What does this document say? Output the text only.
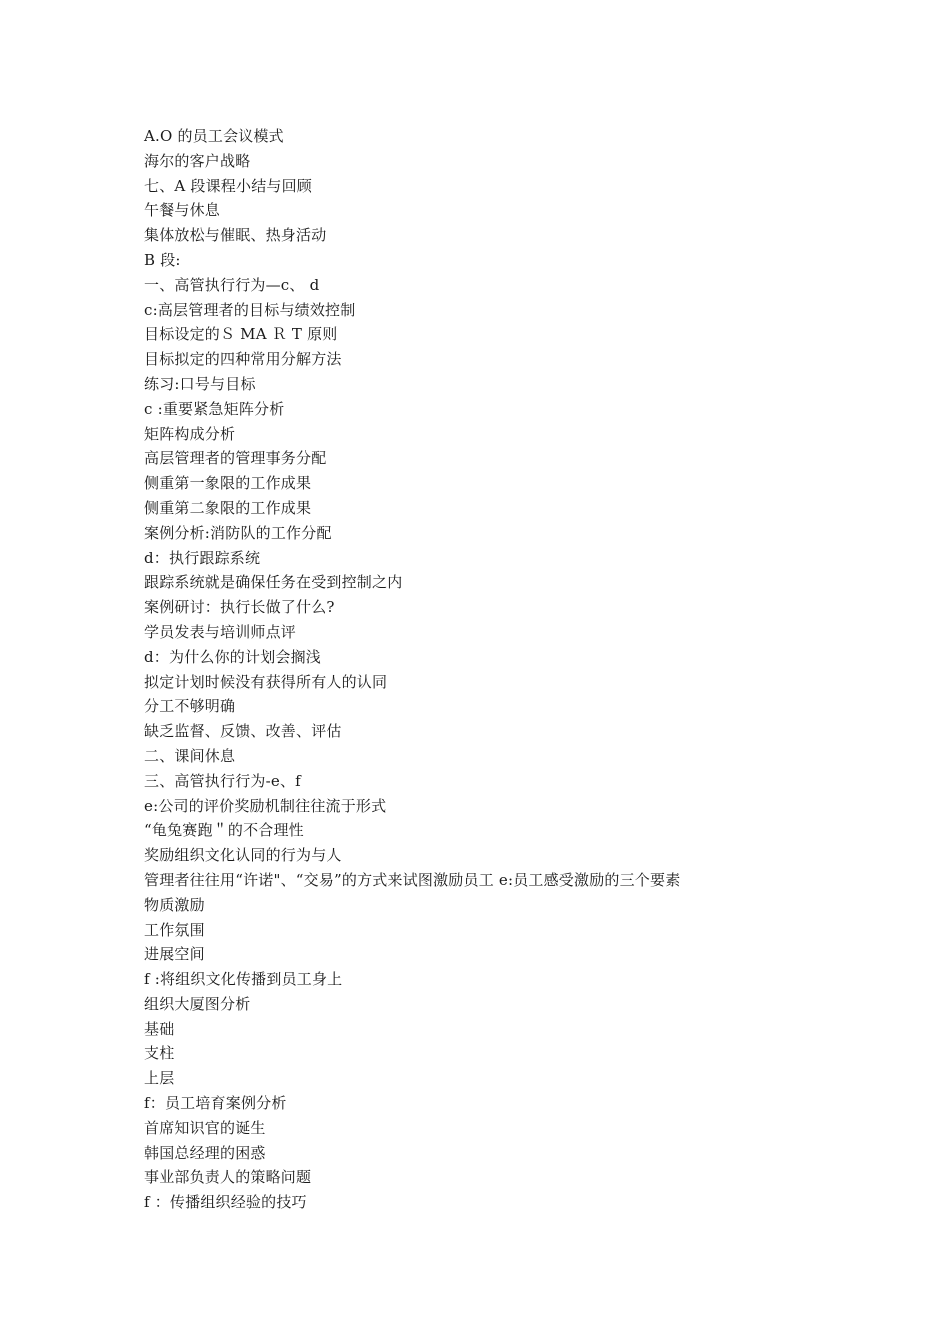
A.O 的员工会议模式
海尔的客户战略
七、A 段课程小结与回顾
午餐与休息
集体放松与催眠、热身活动
B 段:
一、高管执行行为—c、 d
c:高层管理者的目标与绩效控制
目标设定的Ｓ MA Ｒ T 原则
目标拟定的四种常用分解方法
练习:口号与目标
c :重要紧急矩阵分析
矩阵构成分析
高层管理者的管理事务分配
侧重第一象限的工作成果
侧重第二象限的工作成果
案例分析:消防队的工作分配
d：执行跟踪系统
跟踪系统就是确保任务在受到控制之内
案例研讨：执行长做了什么?
学员发表与培训师点评
d：为什么你的计划会搁浅
拟定计划时候没有获得所有人的认同
分工不够明确
缺乏监督、反馈、改善、评估
二、课间休息
三、高管执行行为-e、f
e:公司的评价奖励机制往往流于形式
“龟兔赛跑＂的不合理性
奖励组织文化认同的行为与人
管理者往往用“许诺"、“交易”的方式来试图激励员工 e:员工感受激励的三个要素
物质激励
工作氛围
进展空间
f :将组织文化传播到员工身上
组织大厦图分析
基础
支柱
上层
f：员工培育案例分析
首席知识官的诞生
韩国总经理的困惑
事业部负责人的策略问题
f ：传播组织经验的技巧
